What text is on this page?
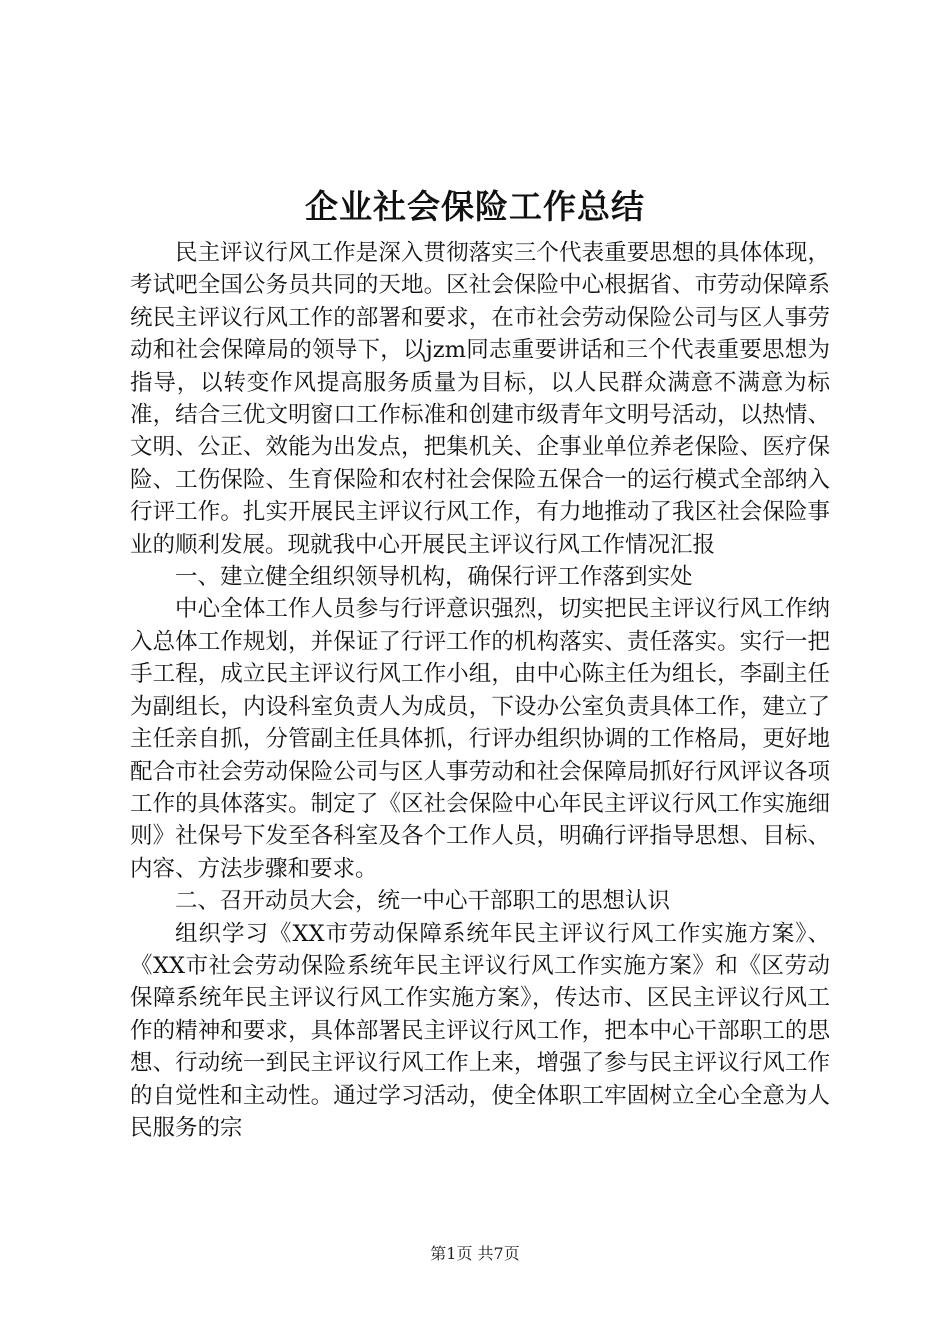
企业社会保险工作总结

民主评议行风工作是深入贯彻落实三个代表重要思想的具体体现，考试吧全国公务员共同的天地。区社会保险中心根据省、市劳动保障系统民主评议行风工作的部署和要求，在市社会劳动保险公司与区人事劳动和社会保障局的领导下，以jzm同志重要讲话和三个代表重要思想为指导，以转变作风提高服务质量为目标，以人民群众满意不满意为标准，结合三优文明窗口工作标准和创建市级青年文明号活动，以热情、文明、公正、效能为出发点，把集机关、企事业单位养老保险、医疗保险、工伤保险、生育保险和农村社会保险五保合一的运行模式全部纳入行评工作。扎实开展民主评议行风工作，有力地推动了我区社会保险事业的顺利发展。现就我中心开展民主评议行风工作情况汇报

一、建立健全组织领导机构，确保行评工作落到实处

中心全体工作人员参与行评意识强烈，切实把民主评议行风工作纳入总体工作规划，并保证了行评工作的机构落实、责任落实。实行一把手工程，成立民主评议行风工作小组，由中心陈主任为组长，李副主任为副组长，内设科室负责人为成员，下设办公室负责具体工作，建立了主任亲自抓，分管副主任具体抓，行评办组织协调的工作格局，更好地配合市社会劳动保险公司与区人事劳动和社会保障局抓好行风评议各项工作的具体落实。制定了《区社会保险中心年民主评议行风工作实施细则》社保号下发至各科室及各个工作人员，明确行评指导思想、目标、内容、方法步骤和要求。

二、召开动员大会，统一中心干部职工的思想认识

组织学习《XX市劳动保障系统年民主评议行风工作实施方案》、《XX市社会劳动保险系统年民主评议行风工作实施方案》和《区劳动保障系统年民主评议行风工作实施方案》，传达市、区民主评议行风工作的精神和要求，具体部署民主评议行风工作，把本中心干部职工的思想、行动统一到民主评议行风工作上来，增强了参与民主评议行风工作的自觉性和主动性。通过学习活动，使全体职工牢固树立全心全意为人民服务的宗

第1页 共7页
